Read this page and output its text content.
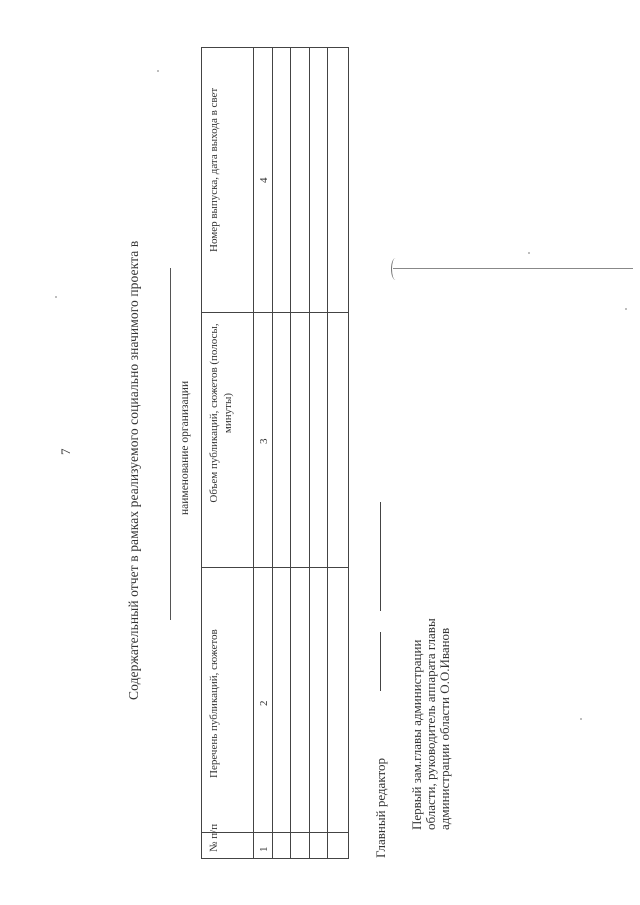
7	Содержательный отчет в рамках реализуемого социально значимого проекта в	наименование организации
№ п/п
Перечень публикаций, сюжетов
Объем публикаций, сюжетов (полосы, минуты)
Номер выпуска, дата выхода в свет
1
2
3
4
Главный редактор Первый зам.главы администрации области, руководитель аппарата главы администрации области О.О.Иванов
